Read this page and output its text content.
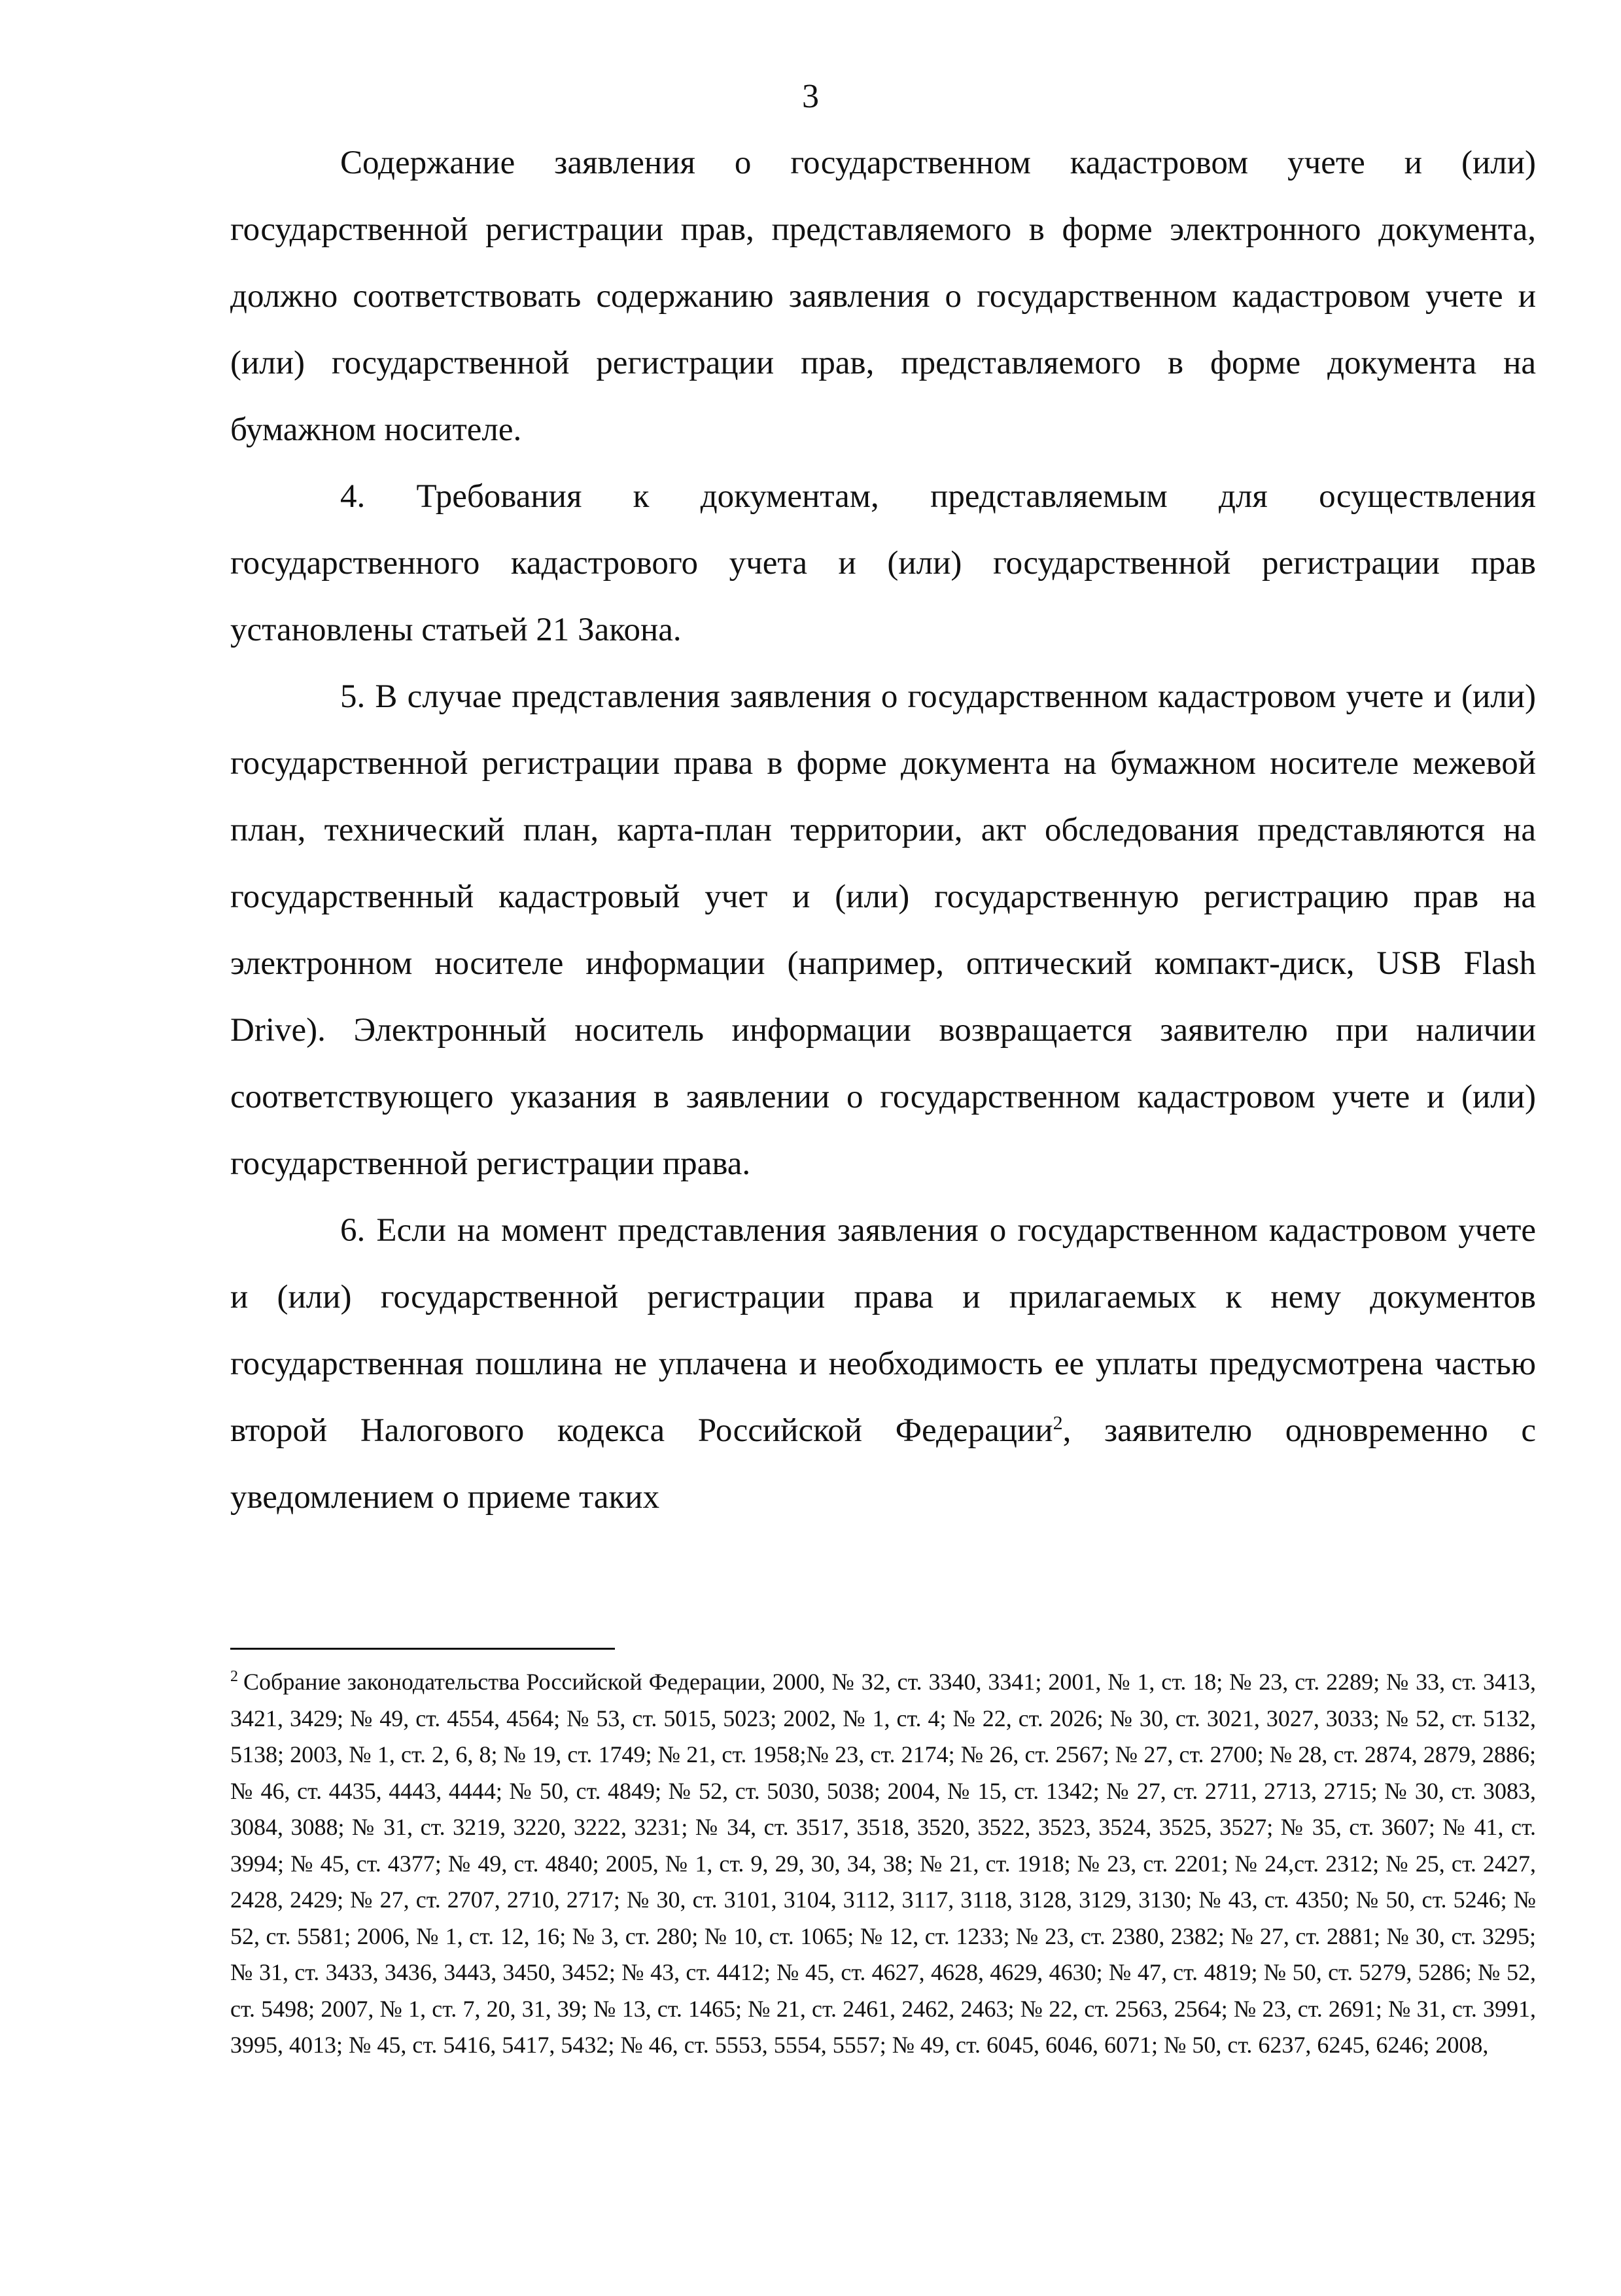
3

Содержание заявления о государственном кадастровом учете и (или) государственной регистрации прав, представляемого в форме электронного документа, должно соответствовать содержанию заявления о государственном кадастровом учете и (или) государственной регистрации прав, представляемого в форме документа на бумажном носителе.

4. Требования к документам, представляемым для осуществления государственного кадастрового учета и (или) государственной регистрации прав установлены статьей 21 Закона.

5. В случае представления заявления о государственном кадастровом учете и (или) государственной регистрации права в форме документа на бумажном носителе межевой план, технический план, карта-план территории, акт обследования представляются на государственный кадастровый учет и (или) государственную регистрацию прав на электронном носителе информации (например, оптический компакт-диск, USB Flash Drive). Электронный носитель информации возвращается заявителю при наличии соответствующего указания в заявлении о государственном кадастровом учете и (или) государственной регистрации права.

6. Если на момент представления заявления о государственном кадастровом учете и (или) государственной регистрации права и прилагаемых к нему документов государственная пошлина не уплачена и необходимость ее уплаты предусмотрена частью второй Налогового кодекса Российской Федерации$^2$, заявителю одновременно с уведомлением о приеме таких

$^2$ Собрание законодательства Российской Федерации, 2000, № 32, ст. 3340, 3341; 2001, № 1, ст. 18; № 23, ст. 2289; № 33, ст. 3413, 3421, 3429; № 49, ст. 4554, 4564; № 53, ст. 5015, 5023; 2002, № 1, ст. 4; № 22, ст. 2026; № 30, ст. 3021, 3027, 3033; № 52, ст. 5132, 5138; 2003, № 1, ст. 2, 6, 8; № 19, ст. 1749; № 21, ст. 1958;№ 23, ст. 2174; № 26, ст. 2567; № 27, ст. 2700; № 28, ст. 2874, 2879, 2886; № 46, ст. 4435, 4443, 4444; № 50, ст. 4849; № 52, ст. 5030, 5038; 2004, № 15, ст. 1342; № 27, ст. 2711, 2713, 2715; № 30, ст. 3083, 3084, 3088; № 31, ст. 3219, 3220, 3222, 3231; № 34, ст. 3517, 3518, 3520, 3522, 3523, 3524, 3525, 3527; № 35, ст. 3607; № 41, ст. 3994; № 45, ст. 4377; № 49, ст. 4840; 2005, № 1, ст. 9, 29, 30, 34, 38; № 21, ст. 1918; № 23, ст. 2201; № 24,ст. 2312; № 25, ст. 2427, 2428, 2429; № 27, ст. 2707, 2710, 2717; № 30, ст. 3101, 3104, 3112, 3117, 3118, 3128, 3129, 3130; № 43, ст. 4350; № 50, ст. 5246; № 52, ст. 5581; 2006, № 1, ст. 12, 16; № 3, ст. 280; № 10, ст. 1065; № 12, ст. 1233; № 23, ст. 2380, 2382; № 27, ст. 2881; № 30, ст. 3295; № 31, ст. 3433, 3436, 3443, 3450, 3452; № 43, ст. 4412; № 45, ст. 4627, 4628, 4629, 4630; № 47, ст. 4819; № 50, ст. 5279, 5286; № 52, ст. 5498; 2007, № 1, ст. 7, 20, 31, 39; № 13, ст. 1465; № 21, ст. 2461, 2462, 2463; № 22, ст. 2563, 2564; № 23, ст. 2691; № 31, ст. 3991, 3995, 4013; № 45, ст. 5416, 5417, 5432; № 46, ст. 5553, 5554, 5557; № 49, ст. 6045, 6046, 6071; № 50, ст. 6237, 6245, 6246; 2008,
